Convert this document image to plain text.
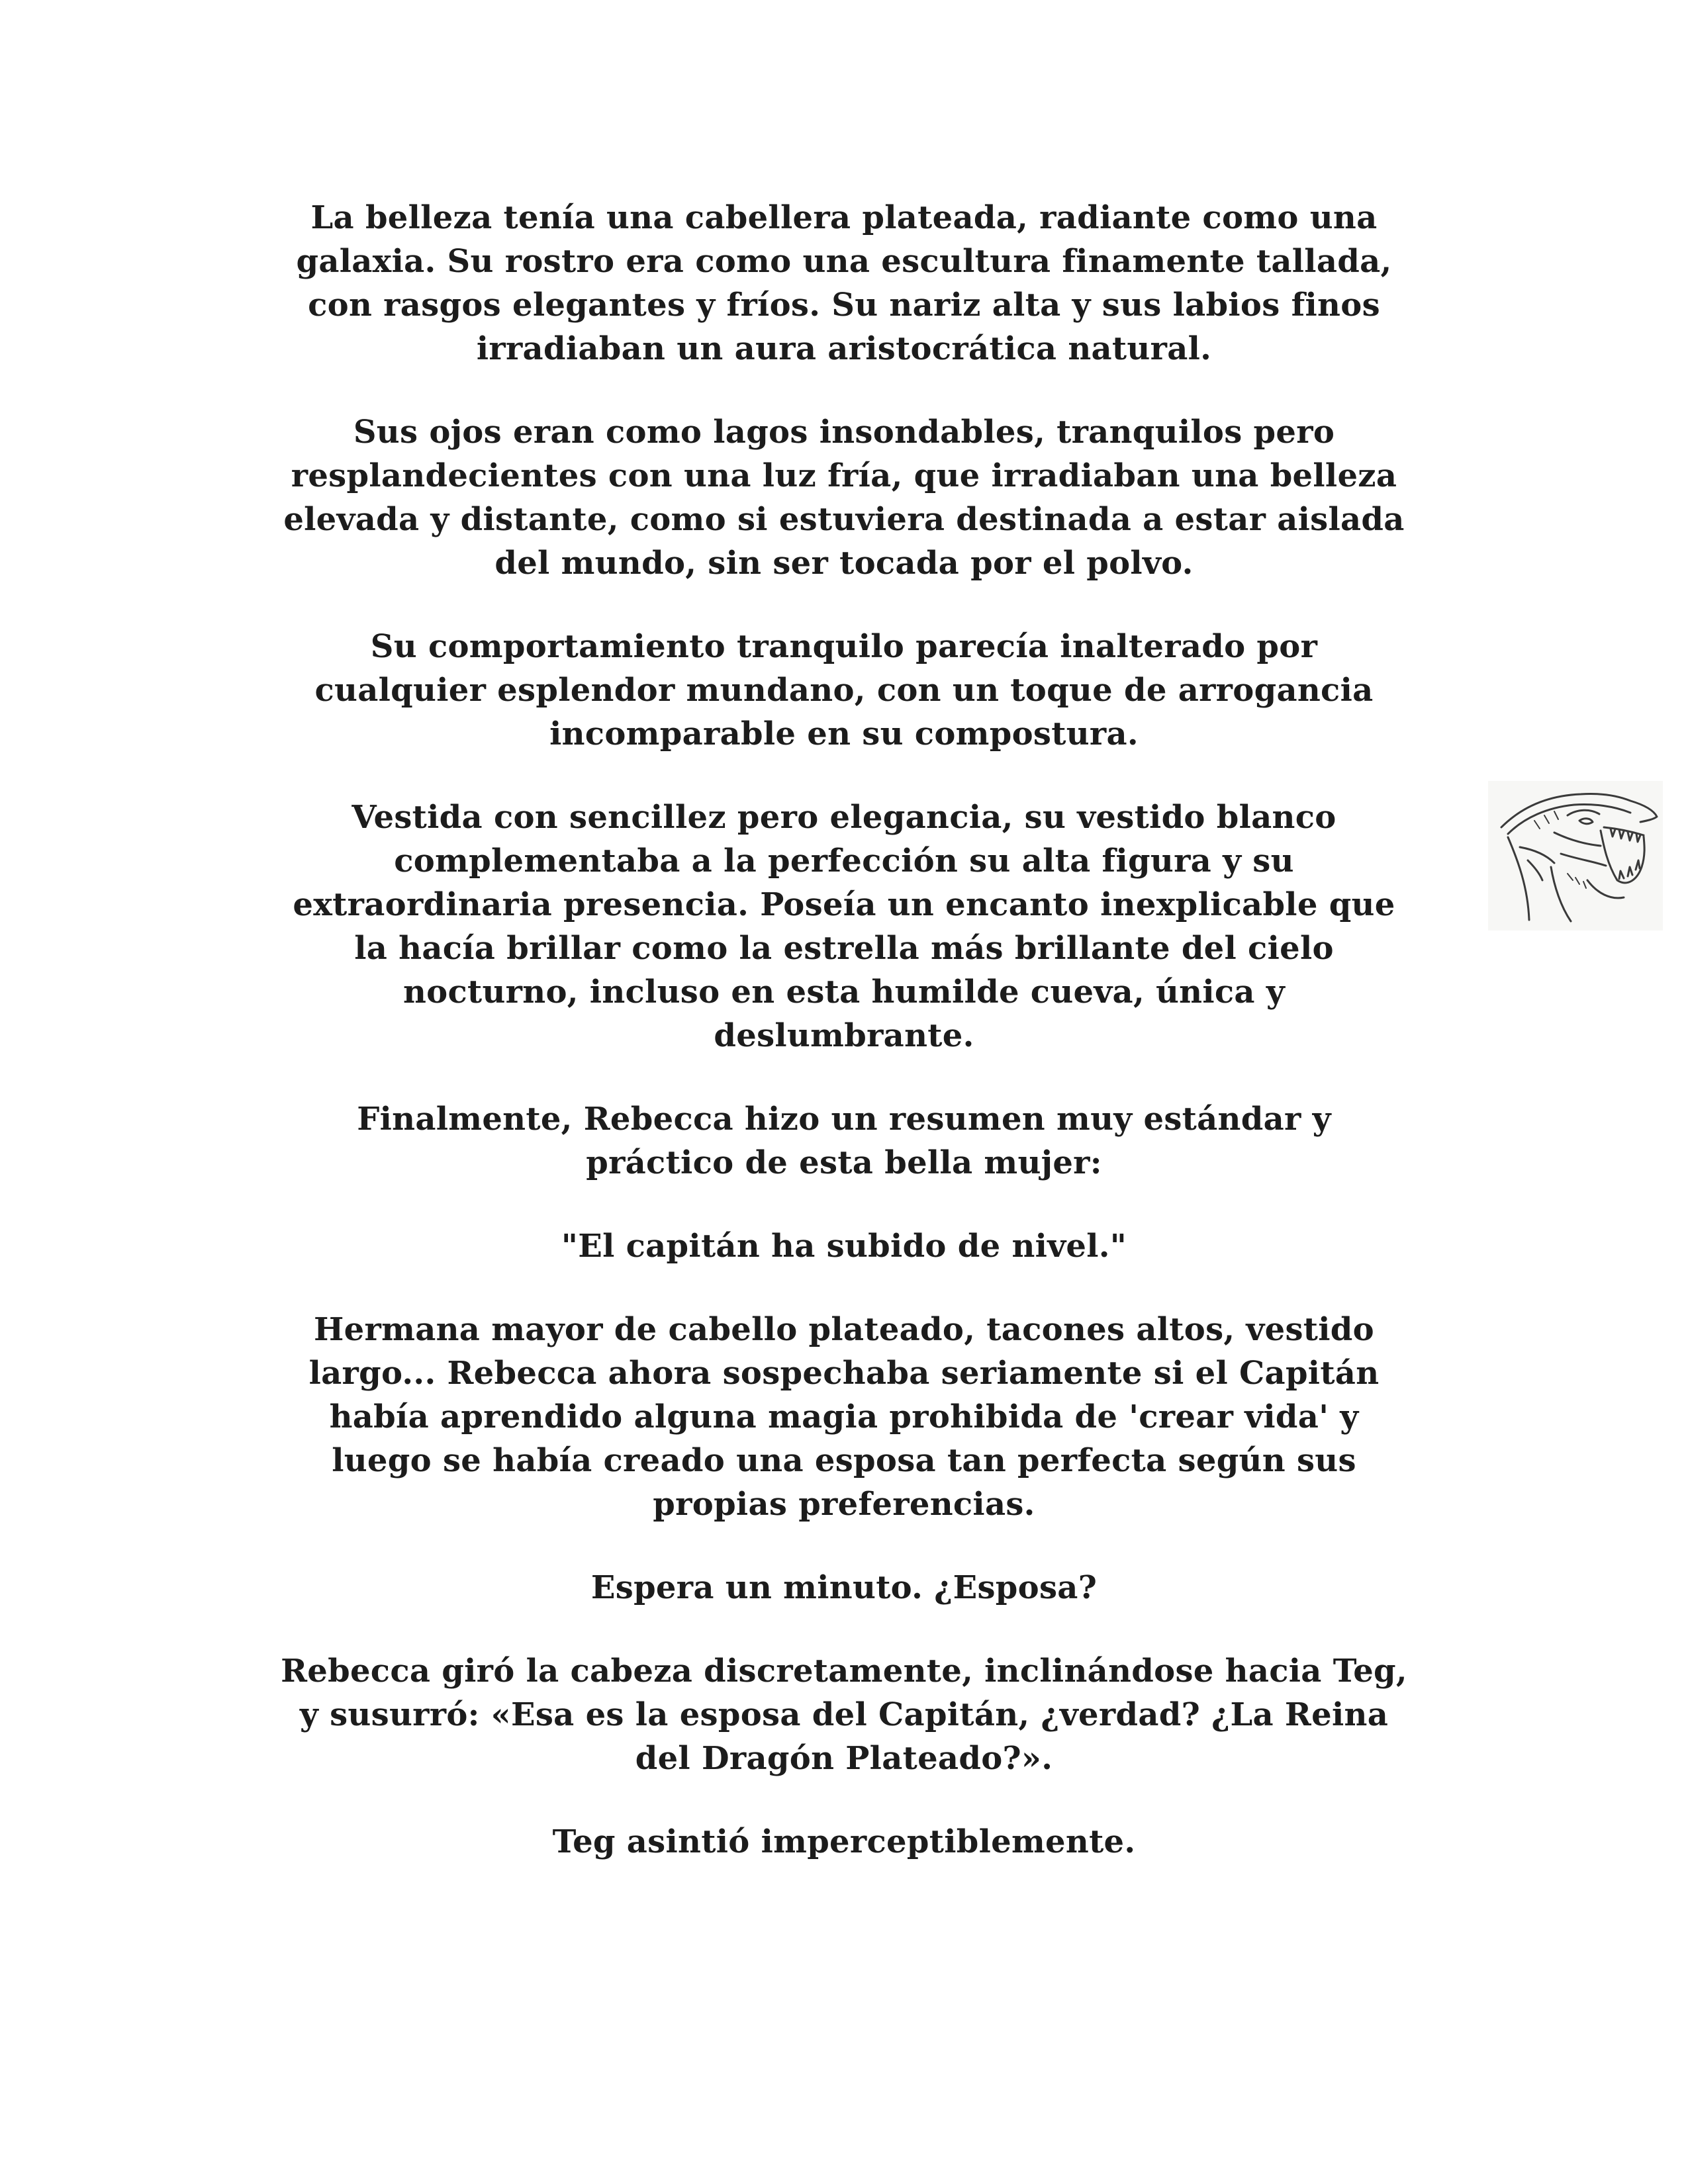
La belleza tenía una cabellera plateada, radiante como una
galaxia. Su rostro era como una escultura finamente tallada,
con rasgos elegantes y fríos. Su nariz alta y sus labios finos
irradiaban un aura aristocrática natural.

Sus ojos eran como lagos insondables, tranquilos pero
resplandecientes con una luz fría, que irradiaban una belleza
elevada y distante, como si estuviera destinada a estar aislada
del mundo, sin ser tocada por el polvo.

Su comportamiento tranquilo parecía inalterado por
cualquier esplendor mundano, con un toque de arrogancia
incomparable en su compostura.

Vestida con sencillez pero elegancia, su vestido blanco
complementaba a la perfección su alta figura y su
extraordinaria presencia. Poseía un encanto inexplicable que
la hacía brillar como la estrella más brillante del cielo
nocturno, incluso en esta humilde cueva, única y
deslumbrante.

Finalmente, Rebecca hizo un resumen muy estándar y
práctico de esta bella mujer:

"El capitán ha subido de nivel."

Hermana mayor de cabello plateado, tacones altos, vestido
largo... Rebecca ahora sospechaba seriamente si el Capitán
había aprendido alguna magia prohibida de 'crear vida' y
luego se había creado una esposa tan perfecta según sus
propias preferencias.

Espera un minuto. ¿Esposa?

Rebecca giró la cabeza discretamente, inclinándose hacia Teg,
y susurró: «Esa es la esposa del Capitán, ¿verdad? ¿La Reina
del Dragón Plateado?».

Teg asintió imperceptiblemente.
